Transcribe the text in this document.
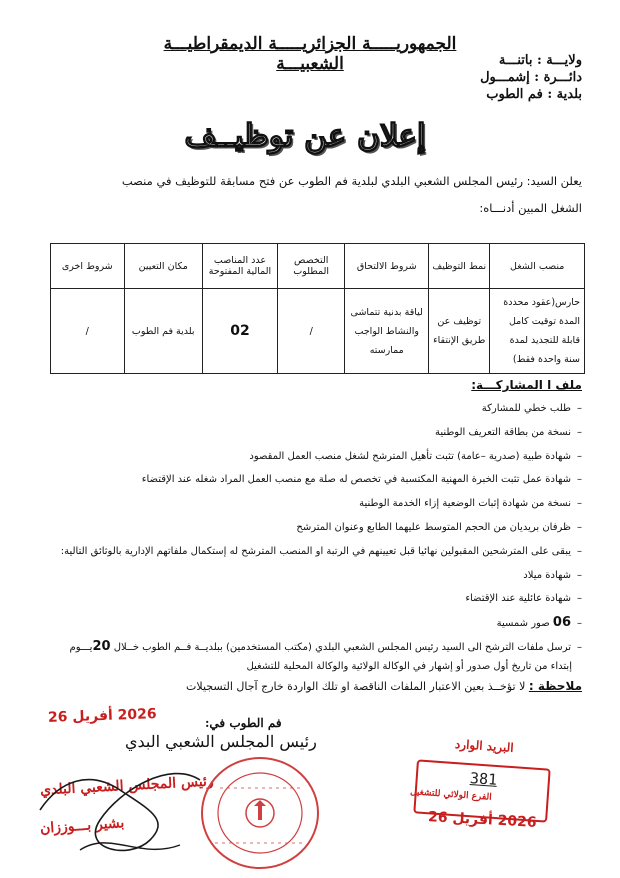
الجمهوريـــــة الجزائريـــــة الديمقراطيـــة الشعبيـــة	ولايـــة : باتنـــة
دائـــرة : إشمـــول
بلدية : فم الطوب
إعلان عن توظيــف
يعلن السيد: رئيس المجلس الشعبي البلدي لبلدية فم الطوب عن فتح مسابقة للتوظيف في منصب
الشغل المبين أدنـــاه:
منصب الشغل	نمط التوظيف	شروط الالتحاق	التخصص المطلوب	عدد المناصب المالية المفتوحة	مكان التعيين	شروط اخرى
حارس(عقود محددة المدة توقيت كامل قابلة للتجديد لمدة سنة واحدة فقط)	توظيف عن طريق الإنتقاء	لياقة بدنية تتماشى والنشاط الواجب ممارسته	/	02	بلدية فم الطوب	/
ملف ا المشاركـــة:
–طلب خطي للمشاركة
–نسخة من بطاقة التعريف الوطنية
–شهادة طبية (صدرية –عامة) تثبت تأهيل المترشح لشغل منصب العمل المقصود
–شهادة عمل تثبت الخبرة المهنية المكتسبة في تخصص له صلة مع منصب العمل المراد شغله عند الإقتضاء
–نسخة من شهادة إثبات الوضعية إزاء الخدمة الوطنية
–ظرفان بريديان من الحجم المتوسط عليهما الطابع وعنوان المترشح
–يبقى على المترشحين المقبولين نهائيا قبل تعيينهم في الرتبة او المنصب المترشح له إستكمال ملفاتهم الإدارية بالوثائق التالية:
–شهادة ميلاد
–شهادة عائلية عند الإقتضاء
–06 صور شمسية
–ترسل ملفات الترشح الى السيد رئيس المجلس الشعبي البلدي (مكتب المستخدمين) ببلديــة فــم الطوب خــلال 20يـــوم
إبتداء من تاريخ أول صدور أو إشهار في الوكالة الولائية والوكالة المحلية للتشغيل
ملاحظة : لا تؤخــذ بعين الاعتبار الملفات الناقصة او تلك الواردة خارج آجال التسجيلات
2026 أفريل 26	فم الطوب في:
رئيس المجلس الشعبي البدي
رئيس المجلس الشعبي البلدي
بشير بـــوززان
البريد الوارد
381
الفرع الولائي للتشغيل
2026 أفريل 26
